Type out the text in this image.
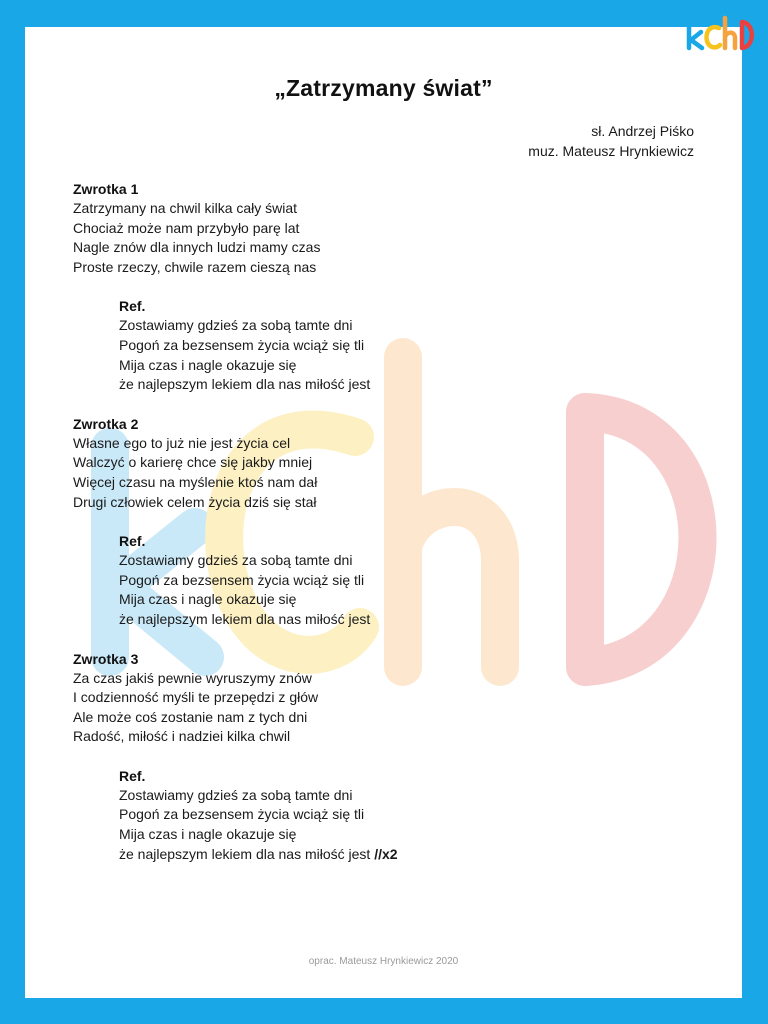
„Zatrzymany świat”
sł. Andrzej Piśko
muz. Mateusz Hrynkiewicz
Zwrotka 1
Zatrzymany na chwil kilka cały świat
Chociaż może nam przybyło parę lat
Nagle znów dla innych ludzi mamy czas
Proste rzeczy, chwile razem cieszą nas
Ref.
Zostawiamy gdzieś za sobą tamte dni
Pogoń za bezsensem życia wciąż się tli
Mija czas i nagle okazuje się
że najlepszym lekiem dla nas miłość jest
Zwrotka 2
Własne ego to już nie jest życia cel
Walczyć o karierę chce się jakby mniej
Więcej czasu na myślenie ktoś nam dał
Drugi człowiek celem życia dziś się stał
Ref.
Zostawiamy gdzieś za sobą tamte dni
Pogoń za bezsensem życia wciąż się tli
Mija czas i nagle okazuje się
że najlepszym lekiem dla nas miłość jest
Zwrotka 3
Za czas jakiś pewnie wyruszymy znów
I codzienność myśli te przepędzi z głów
Ale może coś zostanie nam z tych dni
Radość, miłość i nadziei kilka chwil
Ref.
Zostawiamy gdzieś za sobą tamte dni
Pogoń za bezsensem życia wciąż się tli
Mija czas i nagle okazuje się
że najlepszym lekiem dla nas miłość jest //x2
oprac. Mateusz Hrynkiewicz 2020
